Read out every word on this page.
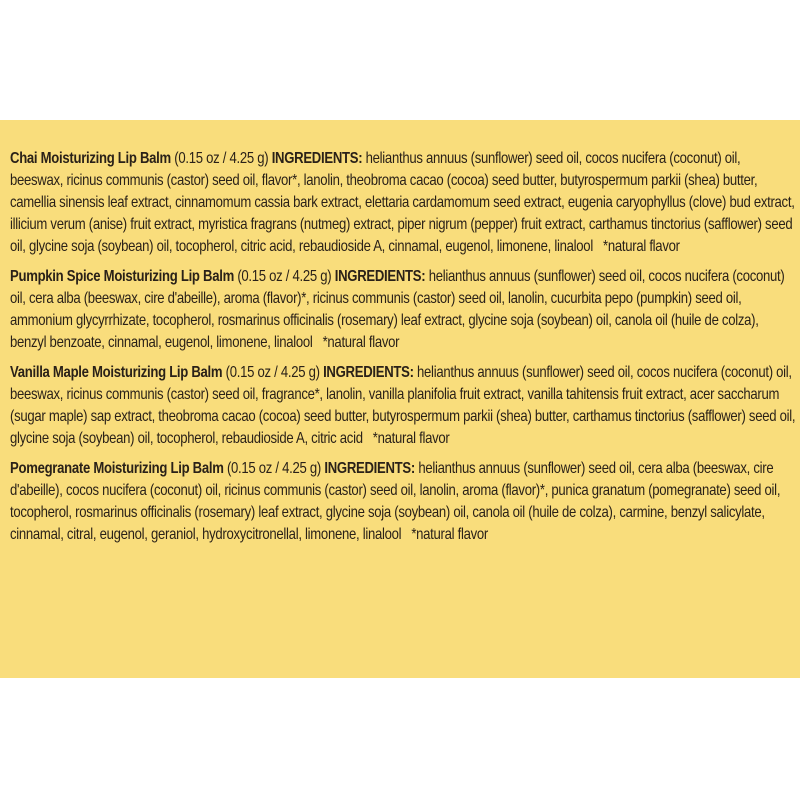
Chai Moisturizing Lip Balm (0.15 oz / 4.25 g) INGREDIENTS: helianthus annuus (sunflower) seed oil, cocos nucifera (coconut) oil, beeswax, ricinus communis (castor) seed oil, flavor*, lanolin, theobroma cacao (cocoa) seed butter, butyrospermum parkii (shea) butter, camellia sinensis leaf extract, cinnamomum cassia bark extract, elettaria cardamomum seed extract, eugenia caryophyllus (clove) bud extract, illicium verum (anise) fruit extract, myristica fragrans (nutmeg) extract, piper nigrum (pepper) fruit extract, carthamus tinctorius (safflower) seed oil, glycine soja (soybean) oil, tocopherol, citric acid, rebaudioside A, cinnamal, eugenol, limonene, linalool *natural flavor

Pumpkin Spice Moisturizing Lip Balm (0.15 oz / 4.25 g) INGREDIENTS: helianthus annuus (sunflower) seed oil, cocos nucifera (coconut) oil, cera alba (beeswax, cire d'abeille), aroma (flavor)*, ricinus communis (castor) seed oil, lanolin, cucurbita pepo (pumpkin) seed oil, ammonium glycyrrhizate, tocopherol, rosmarinus officinalis (rosemary) leaf extract, glycine soja (soybean) oil, canola oil (huile de colza), benzyl benzoate, cinnamal, eugenol, limonene, linalool *natural flavor

Vanilla Maple Moisturizing Lip Balm (0.15 oz / 4.25 g) INGREDIENTS: helianthus annuus (sunflower) seed oil, cocos nucifera (coconut) oil, beeswax, ricinus communis (castor) seed oil, fragrance*, lanolin, vanilla planifolia fruit extract, vanilla tahitensis fruit extract, acer saccharum (sugar maple) sap extract, theobroma cacao (cocoa) seed butter, butyrospermum parkii (shea) butter, carthamus tinctorius (safflower) seed oil, glycine soja (soybean) oil, tocopherol, rebaudioside A, citric acid *natural flavor

Pomegranate Moisturizing Lip Balm (0.15 oz / 4.25 g) INGREDIENTS: helianthus annuus (sunflower) seed oil, cera alba (beeswax, cire d'abeille), cocos nucifera (coconut) oil, ricinus communis (castor) seed oil, lanolin, aroma (flavor)*, punica granatum (pomegranate) seed oil, tocopherol, rosmarinus officinalis (rosemary) leaf extract, glycine soja (soybean) oil, canola oil (huile de colza), carmine, benzyl salicylate, cinnamal, citral, eugenol, geraniol, hydroxycitronellal, limonene, linalool *natural flavor
